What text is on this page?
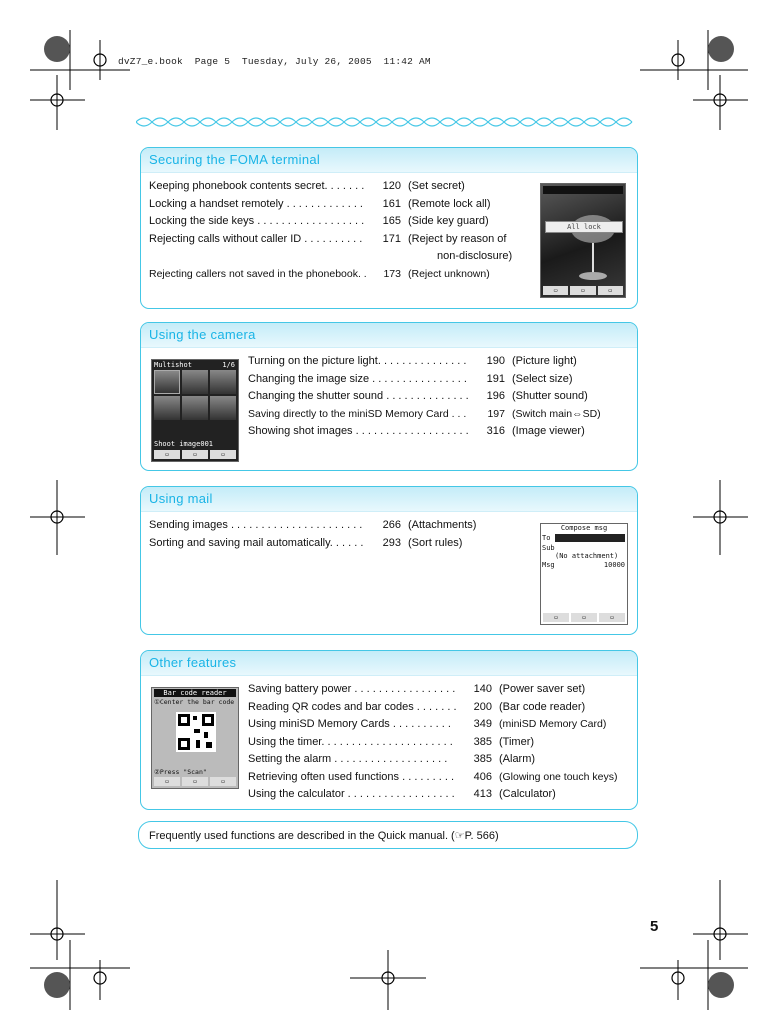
dvZ7_e.book  Page 5  Tuesday, July 26, 2005  11:42 AM
Securing the FOMA terminal
Keeping phonebook contents secret. . . . . . .	120 (Set secret)
Locking a handset remotely . . . . . . . . . . . . .	161 (Remote lock all)
Locking the side keys . . . . . . . . . . . . . . . . . .	165 (Side key guard)
Rejecting calls without caller ID . . . . . . . . . .	171 (Reject by reason of
non-disclosure)
Rejecting callers not saved in the phonebook. .	173 (Reject unknown)
All lock
▭	▭	▭
Using the camera
Multishot	1/6
Shoot image001
▭	▭	▭
Turning on the picture light. . . . . . . . . . . . . . .	190 (Picture light)
Changing the image size . . . . . . . . . . . . . . . .	191 (Select size)
Changing the shutter sound . . . . . . . . . . . . . .	196 (Shutter sound)
Saving directly to the miniSD Memory Card . . .	197 (Switch main⇔SD)
Showing shot images . . . . . . . . . . . . . . . . . . .	316 (Image viewer)
Using mail
Sending images . . . . . . . . . . . . . . . . . . . . . .	266 (Attachments)
Sorting and saving mail automatically. . . . . .	293 (Sort rules)
Compose msg
To
Sub
(No attachment)
Msg	10000
▭	▭	▭
Other features
Bar code reader
①Center the bar code
②Press "Scan"
▭	▭	▭
Saving battery power . . . . . . . . . . . . . . . . .	140 (Power saver set)
Reading QR codes and bar codes . . . . . . .	200 (Bar code reader)
Using miniSD Memory Cards . . . . . . . . . .	349 (miniSD Memory Card)
Using the timer. . . . . . . . . . . . . . . . . . . . . .	385 (Timer)
Setting the alarm . . . . . . . . . . . . . . . . . . .	385 (Alarm)
Retrieving often used functions . . . . . . . . .	406 (Glowing one touch keys)
Using the calculator . . . . . . . . . . . . . . . . . .	413 (Calculator)
Frequently used functions are described in the Quick manual. (☞P. 566)
5
